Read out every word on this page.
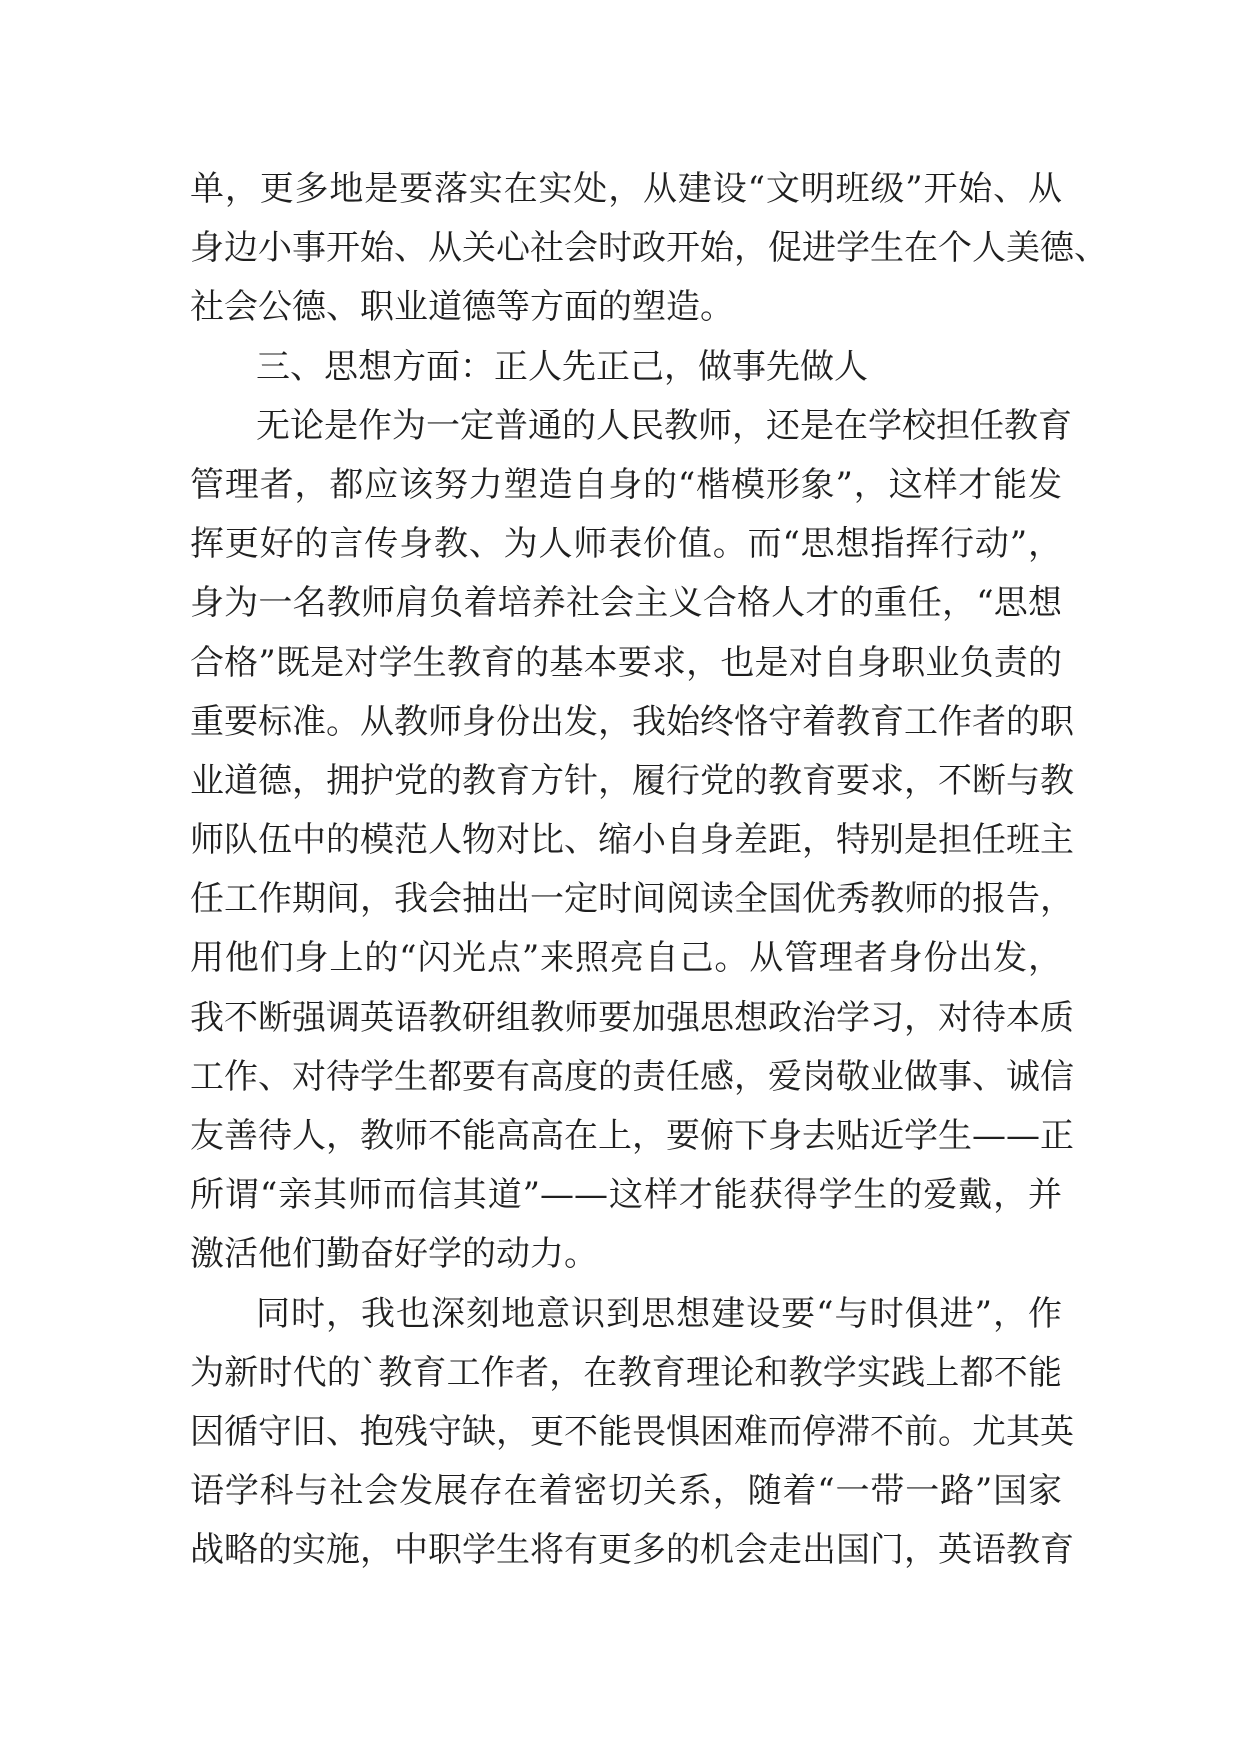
单，更多地是要落实在实处，从建设“文明班级”开始、从
身边小事开始、从关心社会时政开始，促进学生在个人美德、
社会公德、职业道德等方面的塑造。
三、思想方面：正人先正己，做事先做人
无论是作为一定普通的人民教师，还是在学校担任教育
管理者，都应该努力塑造自身的“楷模形象”，这样才能发
挥更好的言传身教、为人师表价值。而“思想指挥行动”，
身为一名教师肩负着培养社会主义合格人才的重任，“思想
合格”既是对学生教育的基本要求，也是对自身职业负责的
重要标准。从教师身份出发，我始终恪守着教育工作者的职
业道德，拥护党的教育方针，履行党的教育要求，不断与教
师队伍中的模范人物对比、缩小自身差距，特别是担任班主
任工作期间，我会抽出一定时间阅读全国优秀教师的报告，
用他们身上的“闪光点”来照亮自己。从管理者身份出发，
我不断强调英语教研组教师要加强思想政治学习，对待本质
工作、对待学生都要有高度的责任感，爱岗敬业做事、诚信
友善待人，教师不能高高在上，要俯下身去贴近学生——正
所谓“亲其师而信其道”——这样才能获得学生的爱戴，并
激活他们勤奋好学的动力。
同时，我也深刻地意识到思想建设要“与时俱进”，作
为新时代的`教育工作者，在教育理论和教学实践上都不能
因循守旧、抱残守缺，更不能畏惧困难而停滞不前。尤其英
语学科与社会发展存在着密切关系，随着“一带一路”国家
战略的实施，中职学生将有更多的机会走出国门，英语教育
